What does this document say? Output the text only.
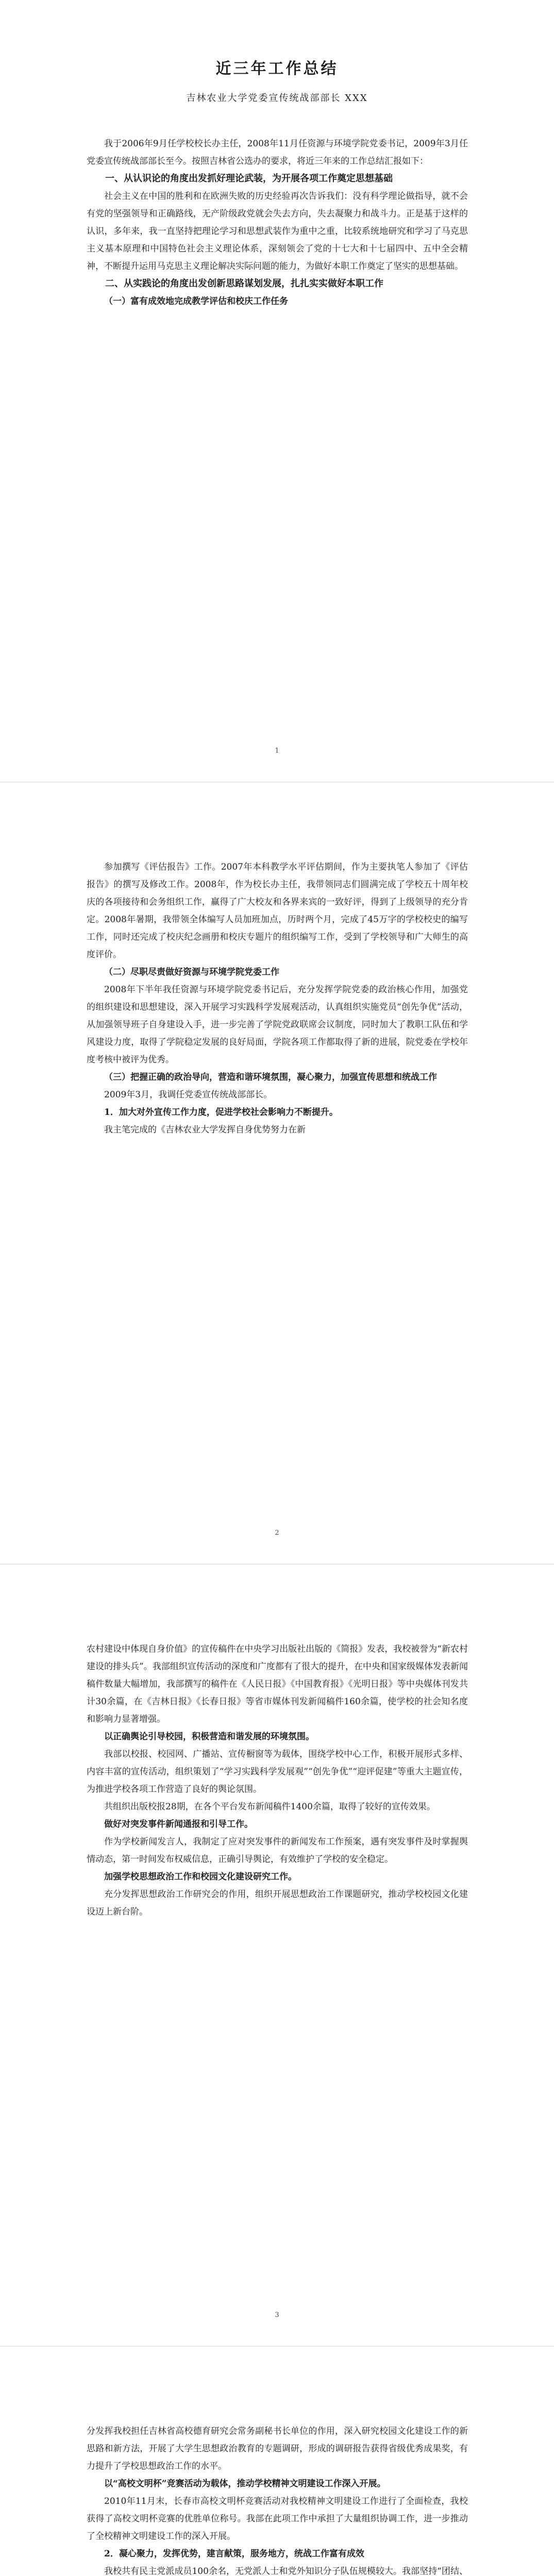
近三年工作总结
吉林农业大学党委宣传统战部部长 XXX

我于2006年9月任学校校长办主任，2008年11月任资源与环境学院党委书记，2009年3月任党委宣传统战部部长至今。按照吉林省公选办的要求，将近三年来的工作总结汇报如下：

一、从认识论的角度出发抓好理论武装，为开展各项工作奠定思想基础

社会主义在中国的胜利和在欧洲失败的历史经验再次告诉我们：没有科学理论做指导，就不会有党的坚强领导和正确路线，无产阶级政党就会失去方向，失去凝聚力和战斗力。正是基于这样的认识，多年来，我一直坚持把理论学习和思想武装作为重中之重，比较系统地研究和学习了马克思主义基本原理和中国特色社会主义理论体系，深刻领会了党的十七大和十七届四中、五中全会精神，不断提升运用马克思主义理论解决实际问题的能力，为做好本职工作奠定了坚实的思想基础。

二、从实践论的角度出发创新思路谋划发展，扎扎实实做好本职工作

（一）富有成效地完成教学评估和校庆工作任务

1

参加撰写《评估报告》工作。2007年本科教学水平评估期间，作为主要执笔人参加了《评估报告》的撰写及修改工作。2008年，作为校长办主任，我带领同志们圆满完成了学校五十周年校庆的各项接待和会务组织工作，赢得了广大校友和各界来宾的一致好评，得到了上级领导的充分肯定。2008年暑期，我带领全体编写人员加班加点，历时两个月，完成了45万字的学校校史的编写工作，同时还完成了校庆纪念画册和校庆专题片的组织编写工作，受到了学校领导和广大师生的高度评价。

（二）尽职尽责做好资源与环境学院党委工作

2008年下半年我任资源与环境学院党委书记后，充分发挥学院党委的政治核心作用，加强党的组织建设和思想建设，深入开展学习实践科学发展观活动，认真组织实施党员“创先争优”活动，从加强领导班子自身建设入手，进一步完善了学院党政联席会议制度，同时加大了教职工队伍和学风建设力度，取得了学院稳定发展的良好局面，学院各项工作都取得了新的进展，院党委在学校年度考核中被评为优秀。

（三）把握正确的政治导向，营造和谐环境氛围，凝心聚力，加强宣传思想和统战工作

2009年3月，我调任党委宣传统战部部长。

1．加大对外宣传工作力度，促进学校社会影响力不断提升。

我主笔完成的《吉林农业大学发挥自身优势努力在新

2

农村建设中体现自身价值》的宣传稿件在中央学习出版社出版的《简报》发表，我校被誉为“新农村建设的排头兵”。我部组织宣传活动的深度和广度都有了很大的提升，在中央和国家级媒体发表新闻稿件数量大幅增加，我部撰写的稿件在《人民日报》《中国教育报》《光明日报》等中央媒体刊发共计30余篇，在《吉林日报》《长春日报》等省市媒体刊发新闻稿件160余篇，使学校的社会知名度和影响力显著增强。

以正确舆论引导校园，积极营造和谐发展的环境氛围。

我部以校报、校园网、广播站、宣传橱窗等为载体，围绕学校中心工作，积极开展形式多样、内容丰富的宣传活动，组织策划了“学习实践科学发展观”“创先争优”“迎评促建”等重大主题宣传，为推进学校各项工作营造了良好的舆论氛围。

共组织出版校报28期，在各个平台发布新闻稿件1400余篇，取得了较好的宣传效果。

做好对突发事件新闻通报和引导工作。

作为学校新闻发言人，我制定了应对突发事件的新闻发布工作预案，遇有突发事件及时掌握舆情动态，第一时间发布权威信息，正确引导舆论，有效维护了学校的安全稳定。

加强学校思想政治工作和校园文化建设研究工作。

充分发挥思想政治工作研究会的作用，组织开展思想政治工作课题研究，推动学校校园文化建设迈上新台阶。

3

分发挥我校担任吉林省高校德育研究会常务副秘书长单位的作用，深入研究校园文化建设工作的新思路和新方法，开展了大学生思想政治教育的专题调研，形成的调研报告获得省级优秀成果奖，有力提升了学校思想政治工作的水平。

以“高校文明杯”竞赛活动为载体，推动学校精神文明建设工作深入开展。

2010年11月末，长春市高校文明杯竞赛活动对我校精神文明建设工作进行了全面检查，我校获得了高校文明杯竞赛的优胜单位称号。我部在此项工作中承担了大量组织协调工作，进一步推动了全校精神文明建设工作的深入开展。

2．凝心聚力，发挥优势，建言献策，服务地方，统战工作富有成效

我校共有民主党派成员100余名，无党派人士和党外知识分子队伍规模较大。我部坚持“团结、
